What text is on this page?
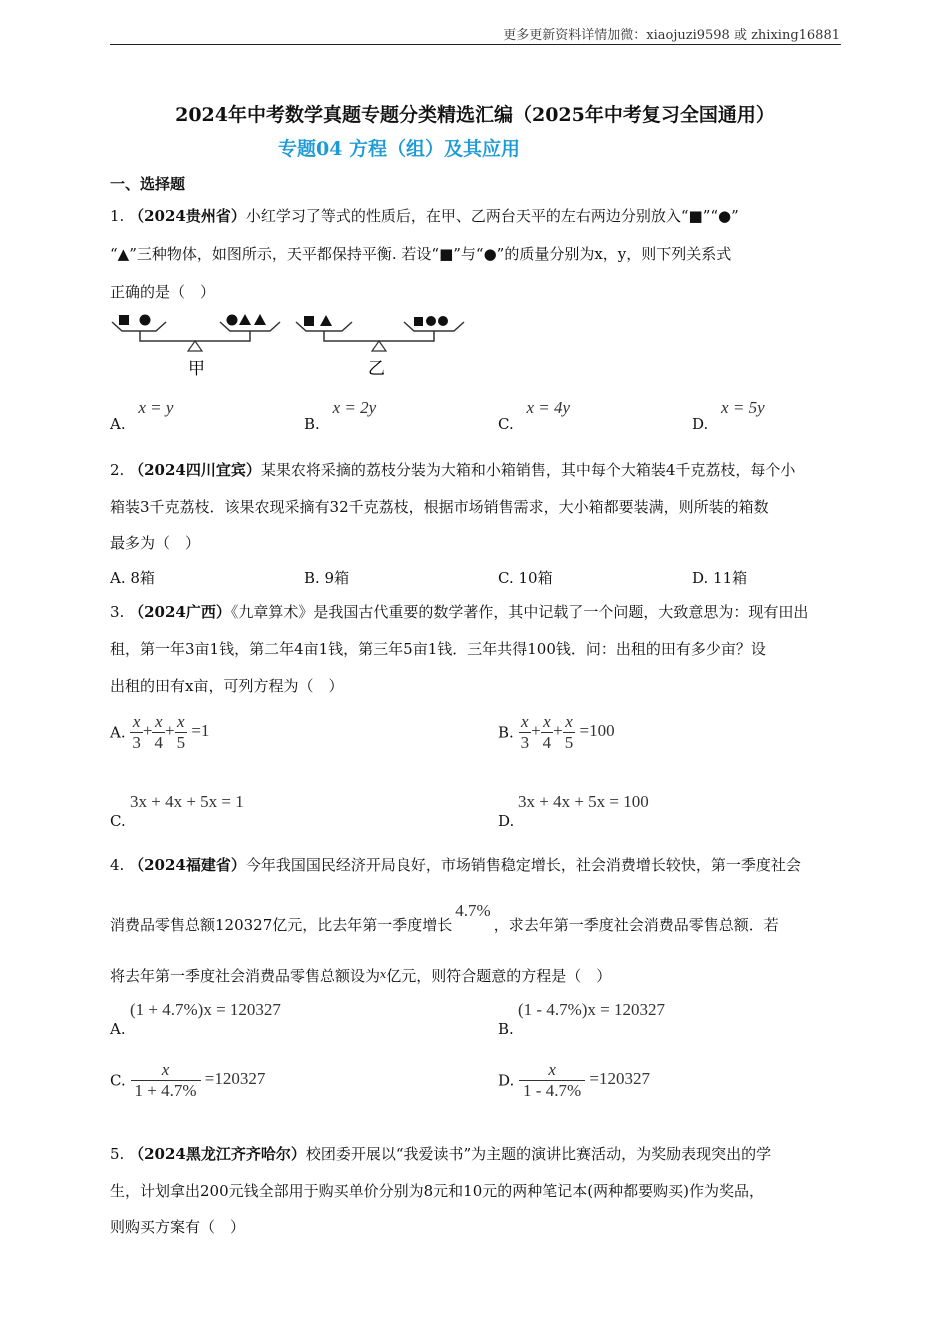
更多更新资料详情加微：xiaojuzi9598 或 zhixing16881
2024年中考数学真题专题分类精选汇编（2025年中考复习全国通用）
专题04 方程（组）及其应用
一、选择题
1. （2024贵州省）小红学习了等式的性质后，在甲、乙两台天平的左右两边分别放入“■”“●”
“▲”三种物体，如图所示，天平都保持平衡. 若设“■”与“●”的质量分别为x，y，则下列关系式
正确的是（　）
甲	乙
A. x = y
B. x = 2y
C. x = 4y
D. x = 5y
2. （2024四川宜宾）某果农将采摘的荔枝分装为大箱和小箱销售，其中每个大箱装4千克荔枝，每个小
箱装3千克荔枝．该果农现采摘有32千克荔枝，根据市场销售需求，大小箱都要装满，则所装的箱数
最多为（　）
A. 8箱	B. 9箱	C. 10箱	D. 11箱
3. （2024广西）《九章算术》是我国古代重要的数学著作，其中记载了一个问题，大致意思为：现有田出
租，第一年3亩1钱，第二年4亩1钱，第三年5亩1钱．三年共得100钱．问：出租的田有多少亩？设
出租的田有x亩，可列方程为（　）
A. $\frac{x}{3} + \frac{x}{4} + \frac{x}{5} =1$	B. $\frac{x}{3} + \frac{x}{4} + \frac{x}{5} =100$
3x + 4x + 5x = 1
C.
3x + 4x + 5x = 100
D.
4. （2024福建省）今年我国国民经济开局良好，市场销售稳定增长，社会消费增长较快，第一季度社会
消费品零售总额120327亿元，比去年第一季度增长4.7%，求去年第一季度社会消费品零售总额．若
将去年第一季度社会消费品零售总额设为$^x$亿元，则符合题意的方程是（　）
(1 + 4.7%)x = 120327
A.
(1 - 4.7%)x = 120327
B.
C. $\frac{x}{1 + 4.7\%} =120327$	D. $\frac{x}{1 - 4.7\%} =120327$
5. （2024黑龙江齐齐哈尔）校团委开展以“我爱读书”为主题的演讲比赛活动，为奖励表现突出的学
生，计划拿出200元钱全部用于购买单价分别为8元和10元的两种笔记本(两种都要购买)作为奖品，
则购买方案有（　）
